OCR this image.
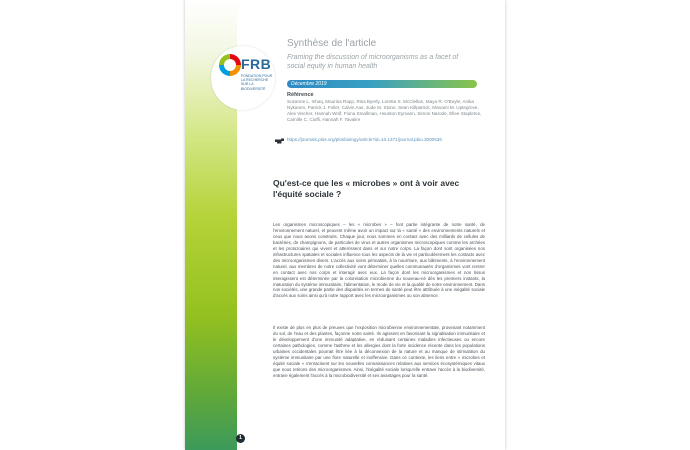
FRB
FONDATION POUR LA RECHERCHE SUR LA BIODIVERSITÉ
Synthèse de l'article
Framing the discussion of microorganisms as a facet of social equity in human health
Décembre 2019
Référence
Suzanne L. Ishaq, Maurisa Rapp, Risa Byerly, Loretta S. McClellan, Maya R. O'Boyle, Anika Nykanen, Patrick J. Fuller, Calvin Aas, Jude M. Stone, Sean Killpatrick, Manami M. Uptegrove, Alex Vischer, Hannah Wolf, Fiona Smallman, Houston Eymann, Simon Narode, Ellee Stapleton, Camille C. Cioffi, Hannah F. Tavalire
https://journals.plos.org/plosbiology/article?id=10.1371/journal.pbio.3000536
Qu'est-ce que les « microbes » ont à voir avec l'équité sociale ?
Les organismes microscopiques – les « microbes » – font partie intégrante de notre santé, de l'environnement naturel, et peuvent même avoir un impact sur la « santé » des environnements naturels et ceux que nous avons construits. Chaque jour, nous sommes en contact avec des milliards de cellules de bactéries, de champignons, de particules de virus et autres organismes microscopiques comme les archées et les protozoaires qui vivent et atterrissent dans et sur notre corps. La façon dont sont organisées nos infrastructures spatiales et sociales influence tous les aspects de la vie et particulièrement les contacts avec des microorganismes divers. L'accès aux soins périnatals, à la nourriture, aux bâtiments, à l'environnement naturel, aux membres de notre collectivité vont déterminer quelles communautés d'organismes vont rentrer en contact avec nos corps et interagir avec eux. La façon dont les microorganismes et nos tissus interagissent est déterminée par la colonisation microbienne du nouveau-né dès les premiers instants, la maturation du système immunitaire, l'alimentation, le mode de vie et la qualité de notre environnement. Dans nos sociétés, une grande partie des disparités en termes de santé peut être attribuée à une inégalité sociale d'accès aux soins ainsi qu'à notre rapport avec les microorganismes ou son absence.
Il existe de plus en plus de preuves que l'exposition microbienne environnementale, provenant notamment du sol, de l'eau et des plantes, façonne notre santé. Ils agissent en favorisant la signalisation immunitaire et le développement d'une immunité adaptative, en réduisant certaines maladies infectieuses ou encore certaines pathologies, comme l'asthme et les allergies dont la forte incidence récente dans les populations urbaines occidentales pourrait être liée à la déconnexion de la nature et au manque de stimulation du système immunitaire par une flore naturelle et inoffensive. Dans ce contexte, les liens entre « microbes et équité sociale » s'enracinent sur les nouvelles connaissances relatives aux services écosystémiques vitaux que nous retirons des microorganismes. Ainsi, l'inégalité sociale lorsqu'elle entrave l'accès à la biodiversité, entrave également l'accès à la microbiodiversité et ses avantages pour la santé.
1
